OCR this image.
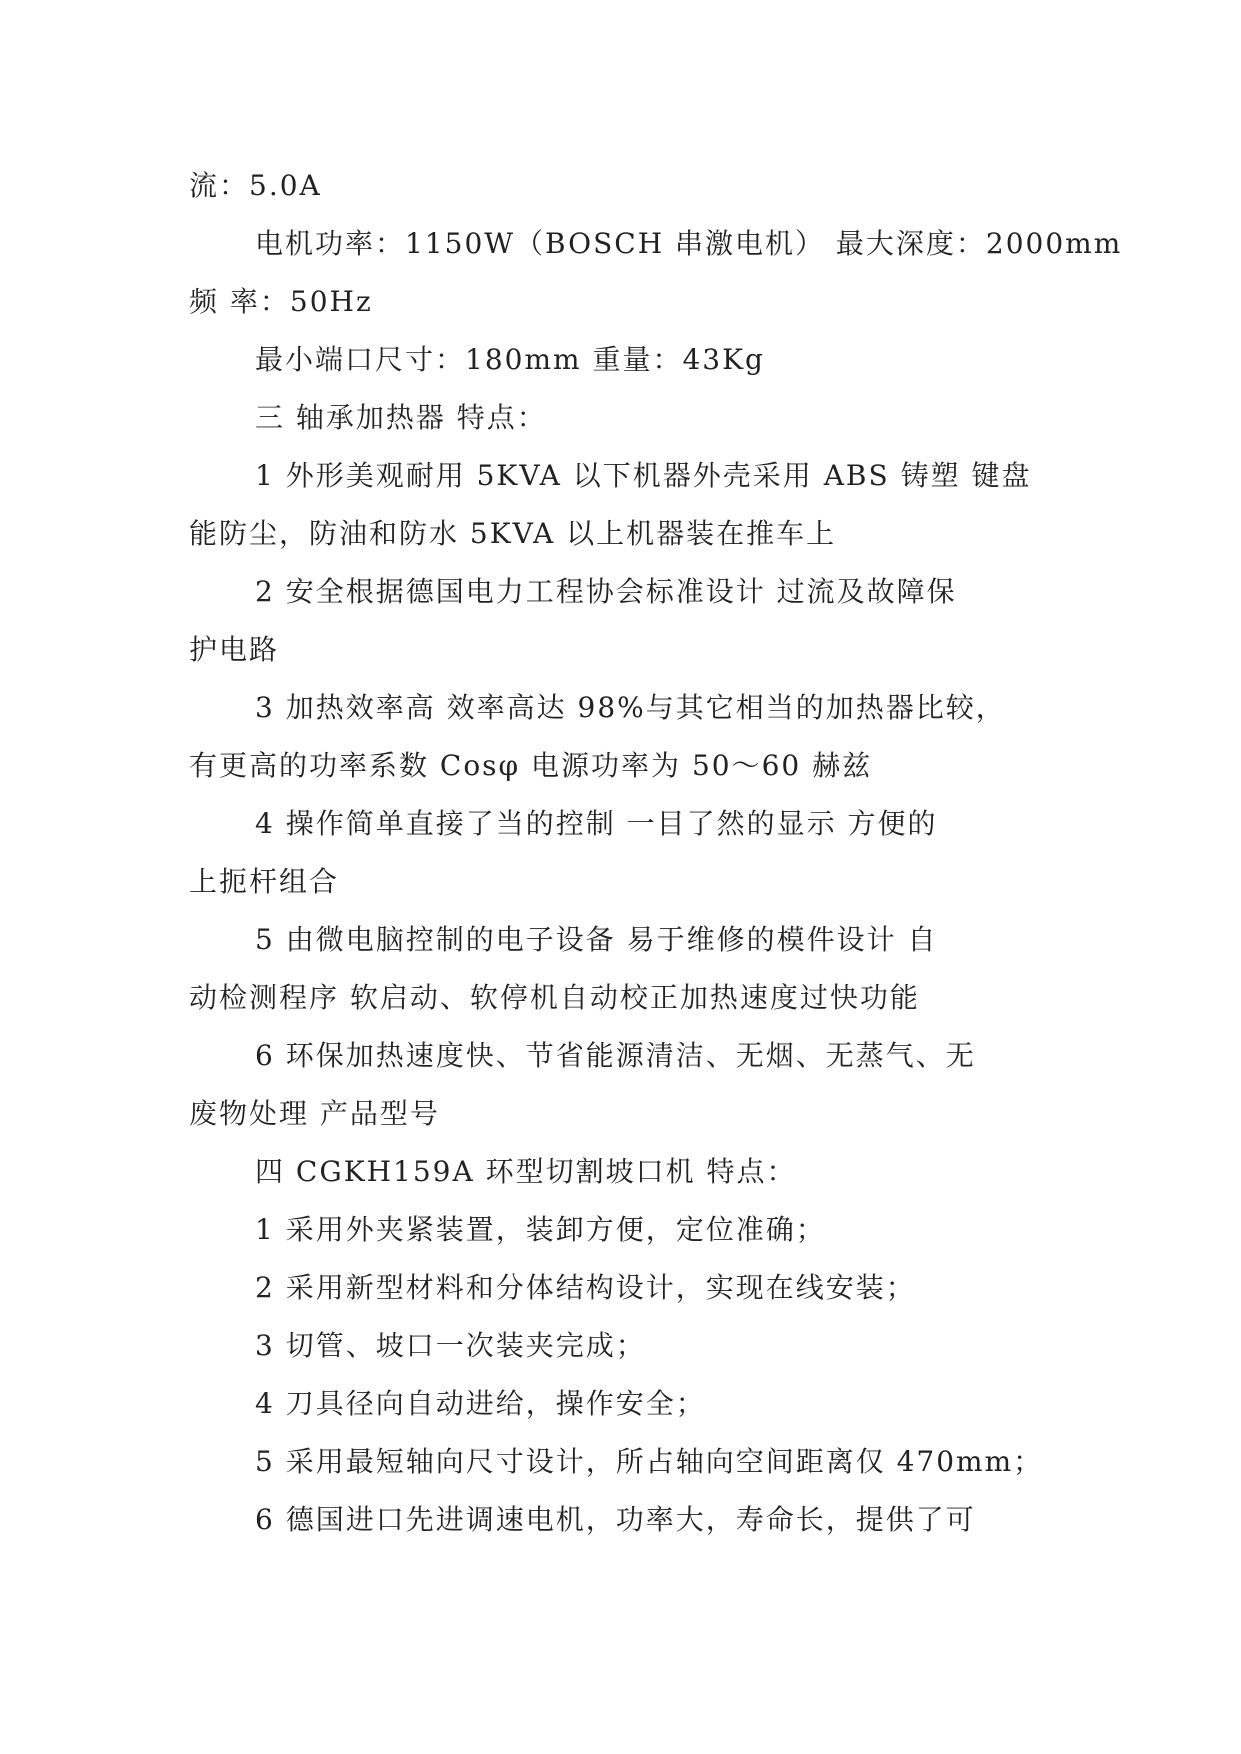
流：5.0A
电机功率：1150W（BOSCH 串激电机） 最大深度：2000mm
频 率：50Hz
最小端口尺寸：180mm 重量：43Kg
三 轴承加热器 特点：
1 外形美观耐用 5KVA 以下机器外壳采用 ABS 铸塑 键盘
能防尘，防油和防水 5KVA 以上机器装在推车上
2 安全根据德国电力工程协会标准设计 过流及故障保
护电路
3 加热效率高 效率高达 98%与其它相当的加热器比较，
有更高的功率系数 Cosφ 电源功率为 50～60 赫兹
4 操作简单直接了当的控制 一目了然的显示 方便的
上扼杆组合
5 由微电脑控制的电子设备 易于维修的模件设计 自
动检测程序 软启动、软停机自动校正加热速度过快功能
6 环保加热速度快、节省能源清洁、无烟、无蒸气、无
废物处理 产品型号
四 CGKH159A 环型切割坡口机 特点：
1 采用外夹紧装置，装卸方便，定位准确；
2 采用新型材料和分体结构设计，实现在线安装；
3 切管、坡口一次装夹完成；
4 刀具径向自动进给，操作安全；
5 采用最短轴向尺寸设计，所占轴向空间距离仅 470mm；
6 德国进口先进调速电机，功率大，寿命长，提供了可
